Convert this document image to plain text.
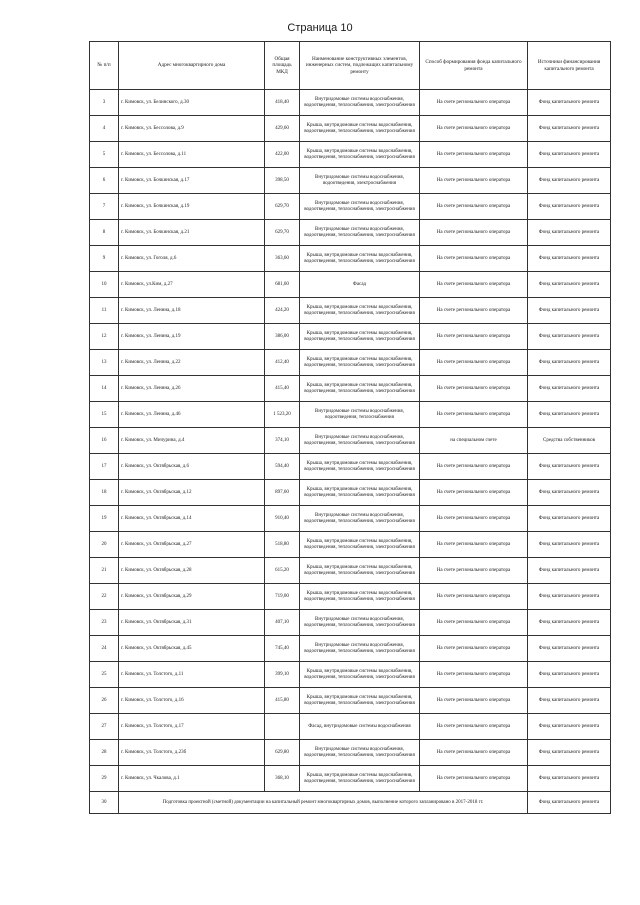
Страница 10
№ п/п	Адрес многоквартирного дома	Общая площадь МКД	Наименование конструктивных элементов, инженерных систем, подлежащих капитальному ремонту	Способ формирования фонда капитального ремонта	Источники финансирования капитального ремонта
3	г. Кимовск, ул. Белинского, д.30	418,40	Внутридомовые системы водоснабжения, водоотведения, теплоснабжения, электроснабжения	На счете регионального оператора	Фонд капитального ремонта
4	г. Кимовск, ул. Бессолова, д.9	429,60	Крыша, внутридомовые системы водоснабжения, водоотведения, теплоснабжения, электроснабжения	На счете регионального оператора	Фонд капитального ремонта
5	г. Кимовск, ул. Бессолова, д.11	422,00	Крыша, внутридомовые системы водоснабжения, водоотведения, теплоснабжения, электроснабжения	На счете регионального оператора	Фонд капитального ремонта
6	г. Кимовск, ул. Бочкинская, д.17	398,50	Внутридомовые системы водоснабжения, водоотведения, электроснабжения	На счете регионального оператора	Фонд капитального ремонта
7	г. Кимовск, ул. Бочкинская, д.19	629,70	Внутридомовые системы водоснабжения, водоотведения, теплоснабжения, электроснабжения	На счете регионального оператора	Фонд капитального ремонта
8	г. Кимовск, ул. Бочкинская, д.21	629,70	Внутридомовые системы водоснабжения, водоотведения, теплоснабжения, электроснабжения	На счете регионального оператора	Фонд капитального ремонта
9	г. Кимовск, ул. Гоголя, д.6	363,60	Крыша, внутридомовые системы водоснабжения, водоотведения, теплоснабжения, электроснабжения	На счете регионального оператора	Фонд капитального ремонта
10	г. Кимовск, ул.Ким, д.27	681,60	Фасад	На счете регионального оператора	Фонд капитального ремонта
11	г. Кимовск, ул. Ленина, д.18	424,20	Крыша, внутридомовые системы водоснабжения, водоотведения, теплоснабжения, электроснабжения	На счете регионального оператора	Фонд капитального ремонта
12	г. Кимовск, ул. Ленина, д.19	386,00	Крыша, внутридомовые системы водоснабжения, водоотведения, теплоснабжения, электроснабжения	На счете регионального оператора	Фонд капитального ремонта
13	г. Кимовск, ул. Ленина, д.22	412,40	Крыша, внутридомовые системы водоснабжения, водоотведения, теплоснабжения, электроснабжения	На счете регионального оператора	Фонд капитального ремонта
14	г. Кимовск, ул. Ленина, д.26	415,40	Крыша, внутридомовые системы водоснабжения, водоотведения, теплоснабжения, электроснабжения	На счете регионального оператора	Фонд капитального ремонта
15	г. Кимовск, ул. Ленина, д.46	1 523,20	Внутридомовые системы водоснабжения, водоотведения, теплоснабжения	На счете регионального оператора	Фонд капитального ремонта
16	г. Кимовск, ул. Мичурина, д.4	374,10	Внутридомовые системы водоснабжения, водоотведения, теплоснабжения, электроснабжения	на специальном счете	Средства собственников
17	г. Кимовск, ул. Октябрьская, д.6	594,40	Крыша, внутридомовые системы водоснабжения, водоотведения, теплоснабжения, электроснабжения	На счете регионального оператора	Фонд капитального ремонта
18	г. Кимовск, ул. Октябрьская, д.12	897,60	Крыша, внутридомовые системы водоснабжения, водоотведения, теплоснабжения, электроснабжения	На счете регионального оператора	Фонд капитального ремонта
19	г. Кимовск, ул. Октябрьская, д.14	910,40	Внутридомовые системы водоснабжения, водоотведения, теплоснабжения, электроснабжения	На счете регионального оператора	Фонд капитального ремонта
20	г. Кимовск, ул. Октябрьская, д.27	518,80	Крыша, внутридомовые системы водоснабжения, водоотведения, теплоснабжения, электроснабжения	На счете регионального оператора	Фонд капитального ремонта
21	г. Кимовск, ул. Октябрьская, д.28	615,20	Крыша, внутридомовые системы водоснабжения, водоотведения, теплоснабжения, электроснабжения	На счете регионального оператора	Фонд капитального ремонта
22	г. Кимовск, ул. Октябрьская, д.29	719,00	Крыша, внутридомовые системы водоснабжения, водоотведения, теплоснабжения, электроснабжения	На счете регионального оператора	Фонд капитального ремонта
23	г. Кимовск, ул. Октябрьская, д.31	407,10	Внутридомовые системы водоснабжения, водоотведения, теплоснабжения, электроснабжения	На счете регионального оператора	Фонд капитального ремонта
24	г. Кимовск, ул. Октябрьская, д.45	745,40	Внутридомовые системы водоснабжения, водоотведения, теплоснабжения, электроснабжения	На счете регионального оператора	Фонд капитального ремонта
25	г. Кимовск, ул. Толстого, д.11	399,10	Крыша, внутридомовые системы водоснабжения, водоотведения, теплоснабжения, электроснабжения	На счете регионального оператора	Фонд капитального ремонта
26	г. Кимовск, ул. Толстого, д.16	415,80	Крыша, внутридомовые системы водоснабжения, водоотведения, теплоснабжения, электроснабжения	На счете регионального оператора	Фонд капитального ремонта
27	г. Кимовск, ул. Толстого, д.17		Фасад, внутридомовые системы водоснабжения	На счете регионального оператора	Фонд капитального ремонта
28	г. Кимовск, ул. Толстого, д.23б	629,80	Внутридомовые системы водоснабжения, водоотведения, теплоснабжения, электроснабжения	На счете регионального оператора	Фонд капитального ремонта
29	г. Кимовск, ул. Чкалова, д.1	368,10	Крыша, внутридомовые системы водоснабжения, водоотведения, теплоснабжения, электроснабжения	На счете регионального оператора	Фонд капитального ремонта
30	Подготовка проектной (сметной) документации на капитальный ремонт многоквартирных домов, выполнение которого запланировано в 2017-2018 гг.				Фонд капитального ремонта
